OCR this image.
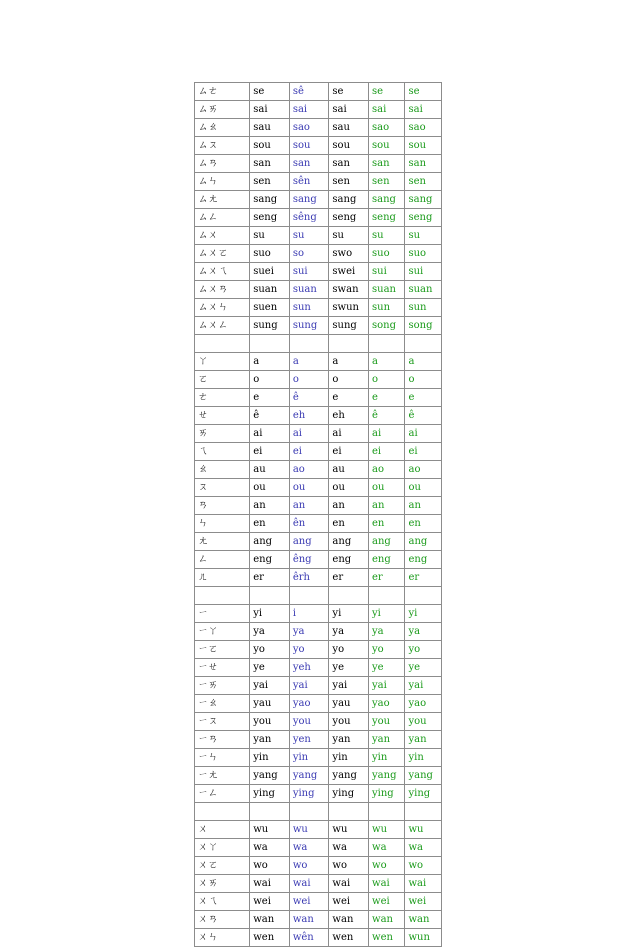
ㄙㄜ	se	sê	se	se	se
ㄙㄞ	sai	sai	sai	sai	sai
ㄙㄠ	sau	sao	sau	sao	sao
ㄙㄡ	sou	sou	sou	sou	sou
ㄙㄢ	san	san	san	san	san
ㄙㄣ	sen	sên	sen	sen	sen
ㄙㄤ	sang	sang	sang	sang	sang
ㄙㄥ	seng	sêng	seng	seng	seng
ㄙㄨ	su	su	su	su	su
ㄙㄨㄛ	suo	so	swo	suo	suo
ㄙㄨㄟ	suei	sui	swei	sui	sui
ㄙㄨㄢ	suan	suan	swan	suan	suan
ㄙㄨㄣ	suen	sun	swun	sun	sun
ㄙㄨㄥ	sung	sung	sung	song	song

ㄚ	a	a	a	a	a
ㄛ	o	o	o	o	o
ㄜ	e	ê	e	e	e
ㄝ	ê	eh	eh	ê	ê
ㄞ	ai	ai	ai	ai	ai
ㄟ	ei	ei	ei	ei	ei
ㄠ	au	ao	au	ao	ao
ㄡ	ou	ou	ou	ou	ou
ㄢ	an	an	an	an	an
ㄣ	en	ên	en	en	en
ㄤ	ang	ang	ang	ang	ang
ㄥ	eng	êng	eng	eng	eng
ㄦ	er	êrh	er	er	er

ㄧ	yi	i	yi	yi	yi
ㄧㄚ	ya	ya	ya	ya	ya
ㄧㄛ	yo	yo	yo	yo	yo
ㄧㄝ	ye	yeh	ye	ye	ye
ㄧㄞ	yai	yai	yai	yai	yai
ㄧㄠ	yau	yao	yau	yao	yao
ㄧㄡ	you	you	you	you	you
ㄧㄢ	yan	yen	yan	yan	yan
ㄧㄣ	yin	yin	yin	yin	yin
ㄧㄤ	yang	yang	yang	yang	yang
ㄧㄥ	ying	ying	ying	ying	ying

ㄨ	wu	wu	wu	wu	wu
ㄨㄚ	wa	wa	wa	wa	wa
ㄨㄛ	wo	wo	wo	wo	wo
ㄨㄞ	wai	wai	wai	wai	wai
ㄨㄟ	wei	wei	wei	wei	wei
ㄨㄢ	wan	wan	wan	wan	wan
ㄨㄣ	wen	wên	wen	wen	wun
